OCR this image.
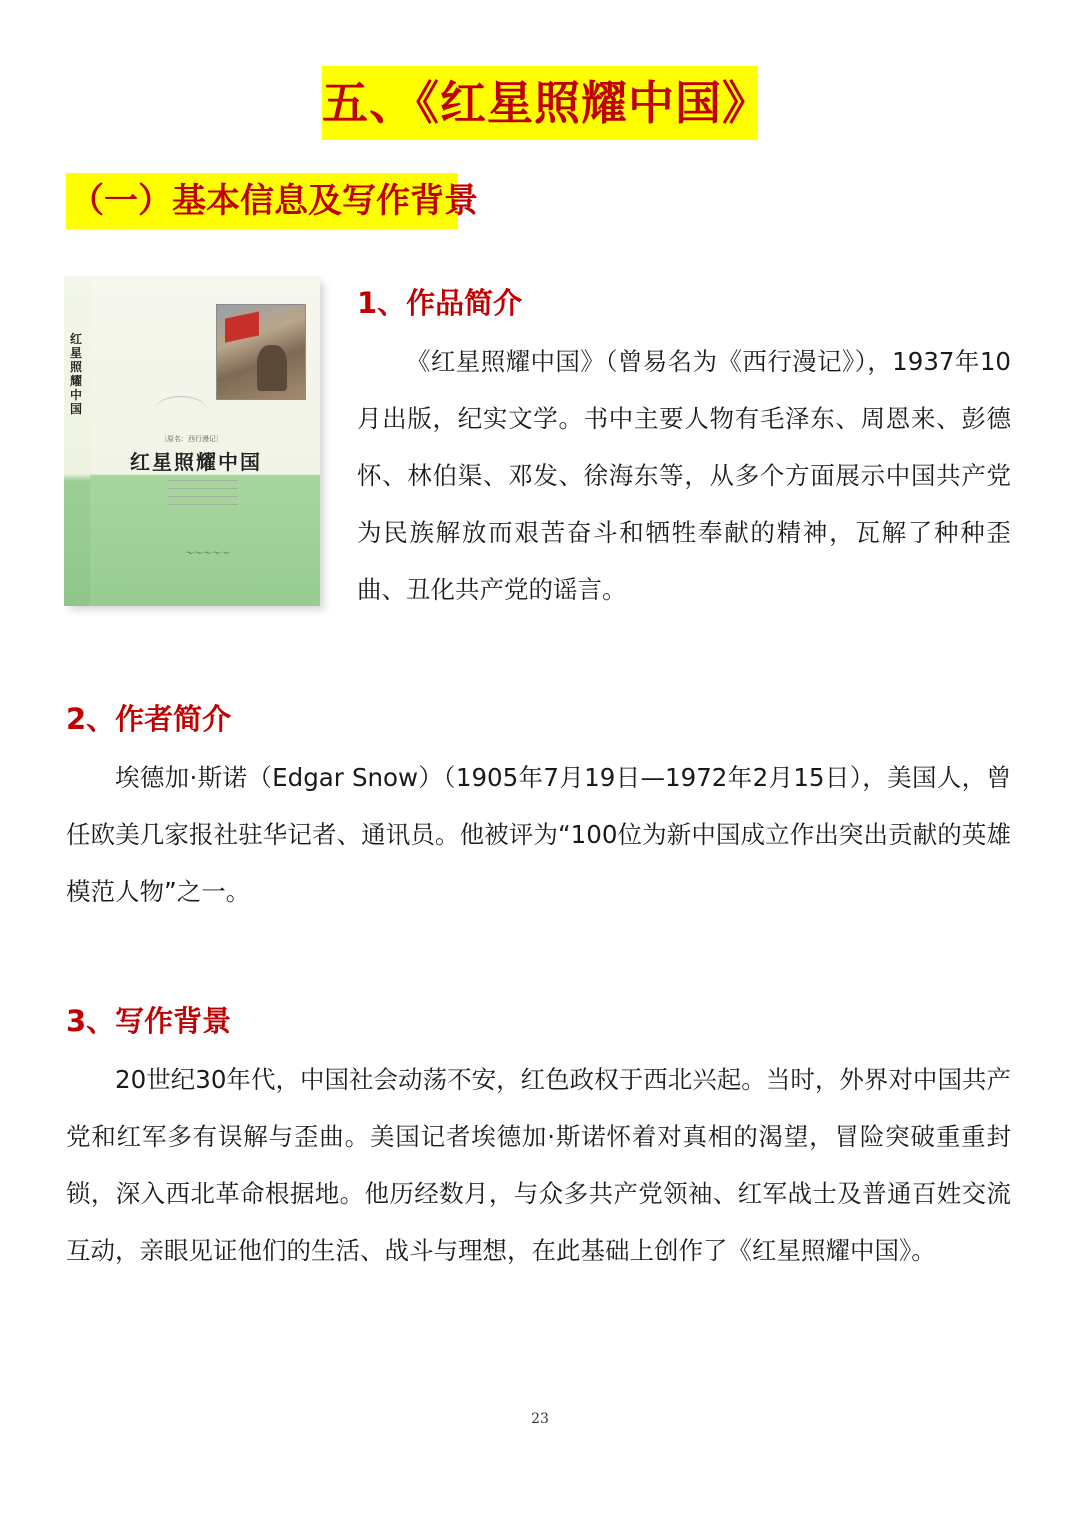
五、《红星照耀中国》
（一）基本信息及写作背景
红星照耀中国
〔原名：西行漫记〕
红星照耀中国
〜〜〜〜〜
1、作品简介

《红星照耀中国》（曾易名为《西行漫记》），1937年10月出版，纪实文学。书中主要人物有毛泽东、周恩来、彭德怀、林伯渠、邓发、徐海东等，从多个方面展示中国共产党为民族解放而艰苦奋斗和牺牲奉献的精神，瓦解了种种歪曲、丑化共产党的谣言。

2、作者简介

埃德加·斯诺（Edgar Snow）（1905年7月19日—1972年2月15日），美国人，曾任欧美几家报社驻华记者、通讯员。他被评为“100位为新中国成立作出突出贡献的英雄模范人物”之一。

3、写作背景

20世纪30年代，中国社会动荡不安，红色政权于西北兴起。当时，外界对中国共产党和红军多有误解与歪曲。美国记者埃德加·斯诺怀着对真相的渴望，冒险突破重重封锁，深入西北革命根据地。他历经数月，与众多共产党领袖、红军战士及普通百姓交流互动，亲眼见证他们的生活、战斗与理想，在此基础上创作了《红星照耀中国》。

23
